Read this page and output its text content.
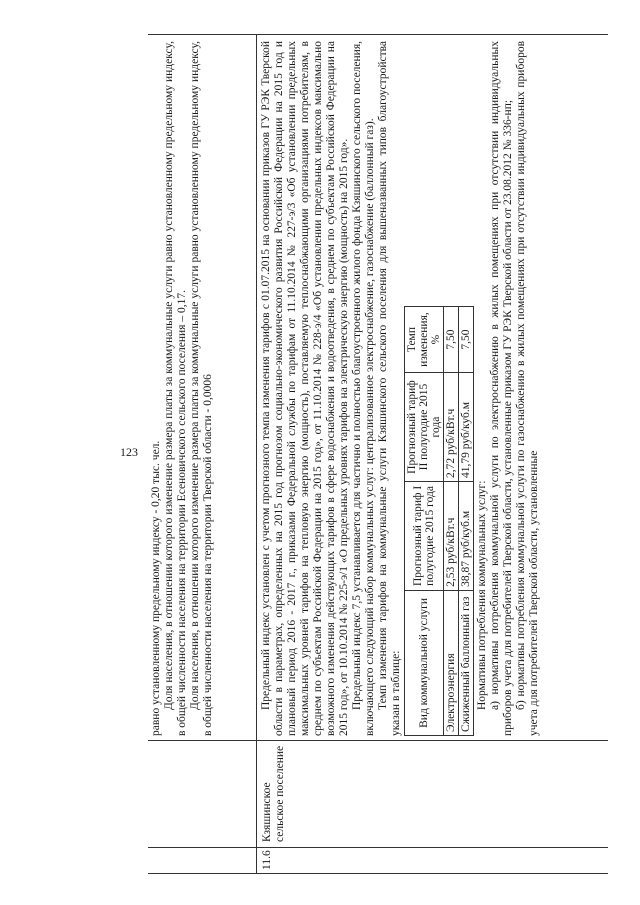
123 равно установленному предельному индексу - 0,20 тыс. чел. Доля населения, в отношении которого изменение размера платы за коммунальные услуги равно установленному предельному индексу, в общей численности населения на территории Есеновичского сельского поселения – 0,17. Доля населения, в отношении которого изменение размера платы за коммунальные услуги равно установленному предельному индексу, в общей численности населения на территории Тверской области - 0,0006

11.6
Кзяшинское сельское поселение

Предельный индекс установлен с учетом прогнозного темпа изменения тарифов с 01.07.2015 на основании приказов ГУ РЭК Тверской области в параметрах, определенных на 2015 год прогнозом социально-экономического развития Российской Федерации на 2015 год и плановый период 2016 - 2017 г., приказами Федеральной службы по тарифам от 11.10.2014 № 227-э/3 «Об установлении предельных максимальных уровней тарифов на тепловую энергию (мощность), поставляемую теплоснабжающими организациями потребителям, в среднем по субъектам Российской Федерации на 2015 год», от 11.10.2014 № 228-э/4 «Об установлении предельных индексов максимально возможного изменения действующих тарифов в сфере водоснабжения и водоотведения, в среднем по субъектам Российской Федерации на 2015 год», от 10.10.2014 № 225-э/1 «О предельных уровнях тарифов на электрическую энергию (мощность) на 2015 год». Предельный индекс 7,5 устанавливается для частично и полностью благоустроенного жилого фонда Кзяшинского сельского поселения, включающего следующий набор коммунальных услуг: централизованное электроснабжение, газоснабжение (баллонный газ). Темп изменения тарифов на коммунальные услуги Кзяшинского сельского поселения для вышеназванных типов благоустройства указан в таблице: Вид коммунальной услуги	Прогнозный тариф I полугодие 2015 года	Прогнозный тариф II полугодие 2015 года	Темп изменения, %
Электроэнергия	2,53 руб/кВт.ч	2,72 руб/кВт.ч	7,50
Сжиженный баллонный газ	38,87 руб/куб.м	41,79 руб/куб.м	7,50

Нормативы потребления коммунальных услуг: а) нормативы потребления коммунальной услуги по электроснабжению в жилых помещениях при отсутствии индивидуальных приборов учета для потребителей Тверской области, установленные приказом ГУ РЭК Тверской области от 23.08.2012 № 336-нп; б) нормативы потребления коммунальной услуги по газоснабжению в жилых помещениях при отсутствии индивидуальных приборов учета для потребителей Тверской области, установленные
